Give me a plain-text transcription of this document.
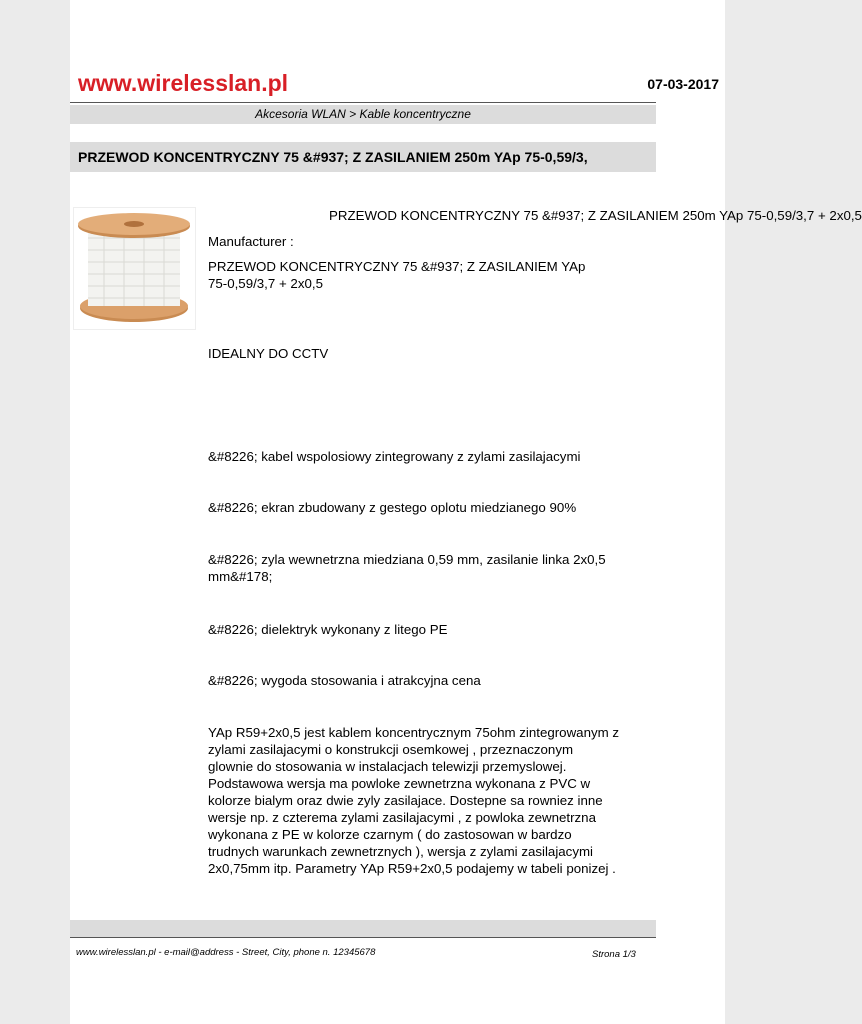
www.wirelesslan.pl	07-03-2017
Akcesoria WLAN > Kable koncentryczne
PRZEWOD KONCENTRYCZNY 75 &#937; Z ZASILANIEM 250m YAp 75-0,59/3,
PRZEWOD KONCENTRYCZNY 75 &#937; Z ZASILANIEM 250m YAp 75-0,59/3,7 + 2x0,5
Manufacturer :
PRZEWOD KONCENTRYCZNY 75 &#937; Z ZASILANIEM YAp
75-0,59/3,7 + 2x0,5
IDEALNY DO CCTV
&#8226; kabel wspolosiowy zintegrowany z zylami zasilajacymi
&#8226; ekran zbudowany z gestego oplotu miedzianego 90%
&#8226; zyla wewnetrzna miedziana 0,59 mm, zasilanie linka 2x0,5
mm&#178;
&#8226; dielektryk wykonany z litego PE
&#8226; wygoda stosowania i atrakcyjna cena
YAp R59+2x0,5 jest kablem koncentrycznym 75ohm zintegrowanym z
zylami zasilajacymi o konstrukcji osemkowej , przeznaczonym
glownie do stosowania w instalacjach telewizji przemyslowej.
Podstawowa wersja ma powloke zewnetrzna wykonana z PVC w
kolorze bialym oraz dwie zyly zasilajace. Dostepne sa rowniez inne
wersje np. z czterema zylami zasilajacymi , z powloka zewnetrzna
wykonana z PE w kolorze czarnym ( do zastosowan w bardzo
trudnych warunkach zewnetrznych ), wersja z zylami zasilajacymi
2x0,75mm itp. Parametry YAp R59+2x0,5 podajemy w tabeli ponizej .
www.wirelesslan.pl - e-mail@address - Street, City, phone n. 12345678	Strona 1/3
